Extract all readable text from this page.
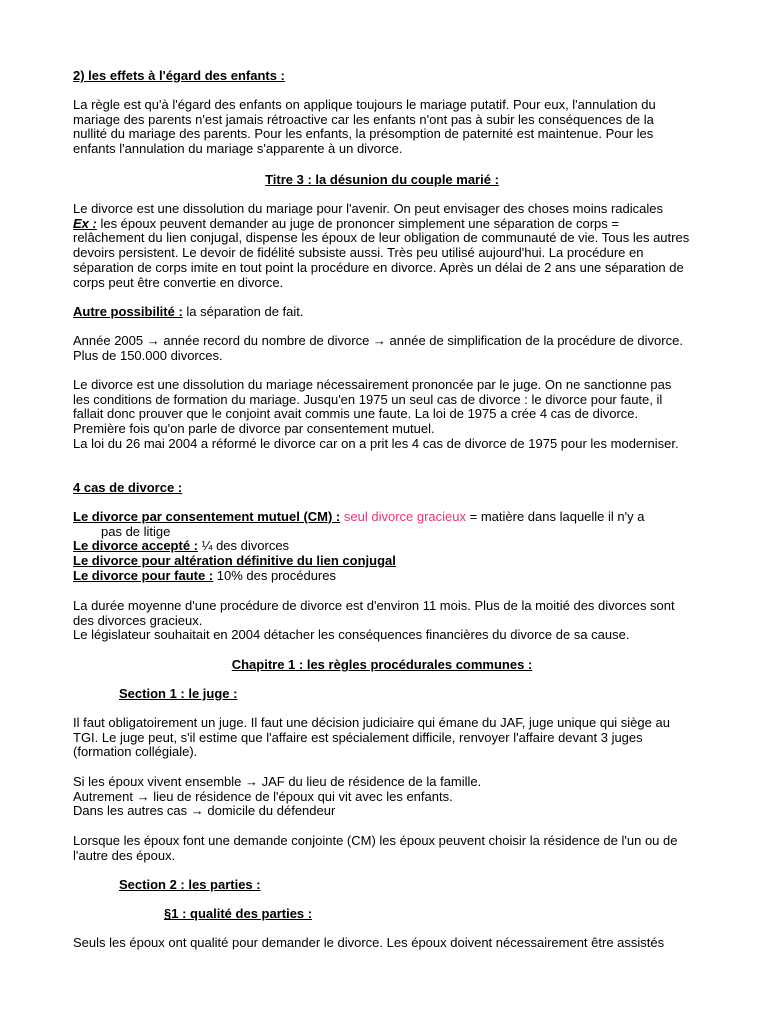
2) les effets à l'égard des enfants :

La règle est qu'à l'égard des enfants on applique toujours le mariage putatif. Pour eux, l'annulation du mariage des parents n'est jamais rétroactive car les enfants n'ont pas à subir les conséquences de la nullité du mariage des parents. Pour les enfants, la présomption de paternité est maintenue. Pour les enfants l'annulation du mariage s'apparente à un divorce.

Titre 3 : la désunion du couple marié :

Le divorce est une dissolution du mariage pour l'avenir. On peut envisager des choses moins radicales
Ex : les époux peuvent demander au juge de prononcer simplement une séparation de corps = relâchement du lien conjugal, dispense les époux de leur obligation de communauté de vie. Tous les autres devoirs persistent. Le devoir de fidélité subsiste aussi. Très peu utilisé aujourd'hui. La procédure en séparation de corps imite en tout point la procédure en divorce. Après un délai de 2 ans une séparation de corps peut être convertie en divorce.

Autre possibilité : la séparation de fait.

Année 2005 → année record du nombre de divorce → année de simplification de la procédure de divorce. Plus de 150.000 divorces.

Le divorce est une dissolution du mariage nécessairement prononcée par le juge. On ne sanctionne pas les conditions de formation du mariage. Jusqu'en 1975 un seul cas de divorce : le divorce pour faute, il fallait donc prouver que le conjoint avait commis une faute. La loi de 1975 a crée 4 cas de divorce. Première fois qu'on parle de divorce par consentement mutuel.
La loi du 26 mai 2004 a réformé le divorce car on a prit les 4 cas de divorce de 1975 pour les moderniser.

4 cas de divorce :

Le divorce par consentement mutuel (CM) : seul divorce gracieux = matière dans laquelle il n'y a
pas de litige
Le divorce accepté : ¼ des divorces
Le divorce pour altération définitive du lien conjugal
Le divorce pour faute : 10% des procédures

La durée moyenne d'une procédure de divorce est d'environ 11 mois. Plus de la moitié des divorces sont des divorces gracieux.
Le législateur souhaitait en 2004 détacher les conséquences financières du divorce de sa cause.

Chapitre 1 : les règles procédurales communes :

Section 1 : le juge :

Il faut obligatoirement un juge. Il faut une décision judiciaire qui émane du JAF, juge unique qui siège au TGI. Le juge peut, s'il estime que l'affaire est spécialement difficile, renvoyer l'affaire devant 3 juges (formation collégiale).

Si les époux vivent ensemble → JAF du lieu de résidence de la famille.
Autrement → lieu de résidence de l'époux qui vit avec les enfants.
Dans les autres cas → domicile du défendeur

Lorsque les époux font une demande conjointe (CM) les époux peuvent choisir la résidence de l'un ou de l'autre des époux.

Section 2 : les parties :

§1 : qualité des parties :

Seuls les époux ont qualité pour demander le divorce. Les époux doivent nécessairement être assistés
